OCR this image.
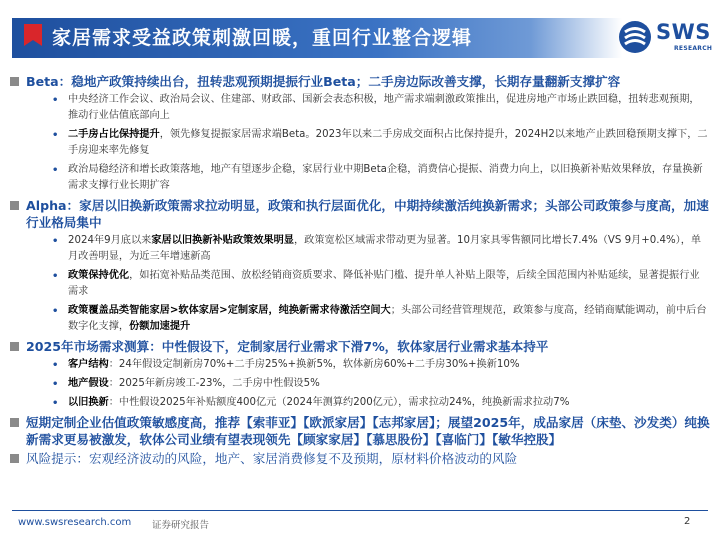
家居需求受益政策刺激回暖，重回行业整合逻辑	SWS
RESEARCH
Beta：稳地产政策持续出台，扭转悲观预期提振行业Beta；二手房边际改善支撑，长期存量翻新支撑扩容
• 中央经济工作会议、政治局会议、住建部、财政部、国新会表态积极，地产需求端刺激政策推出，促进房地产市场止跌回稳，扭转悲观预期，推动行业估值底部向上
• 二手房占比保持提升，领先修复提振家居需求端Beta。2023年以来二手房成交面积占比保持提升，2024H2以来地产止跌回稳预期支撑下，二手房迎来率先修复
• 政治局稳经济和增长政策落地，地产有望逐步企稳，家居行业中期Beta企稳，消费信心提振、消费力向上，以旧换新补贴效果释放，存量换新需求支撑行业长期扩容
Alpha：家居以旧换新政策需求拉动明显，政策和执行层面优化，中期持续激活纯换新需求；头部公司政策参与度高，加速行业格局集中
• 2024年9月底以来家居以旧换新补贴政策效果明显，政策宽松区域需求带动更为显著。10月家具零售额同比增长7.4%（VS 9月+0.4%），单月改善明显，为近三年增速新高
• 政策保持优化，如拓宽补贴品类范围、放松经销商资质要求、降低补贴门槛、提升单人补贴上限等，后续全国范围内补贴延续，显著提振行业需求
• 政策覆盖品类智能家居>软体家居>定制家居，纯换新需求待激活空间大；头部公司经营管理规范，政策参与度高，经销商赋能调动，前中后台数字化支撑，份额加速提升
2025年市场需求测算：中性假设下，定制家居行业需求下滑7%，软体家居行业需求基本持平
• 客户结构：24年假设定制新房70%+二手房25%+换新5%，软体新房60%+二手房30%+换新10%
• 地产假设：2025年新房竣工-23%，二手房中性假设5%
• 以旧换新：中性假设2025年补贴额度400亿元（2024年测算约200亿元），需求拉动24%，纯换新需求拉动7%
短期定制企业估值政策敏感度高，推荐【索菲亚】【欧派家居】【志邦家居】；展望2025年，成品家居（床垫、沙发类）纯换新需求更易被激发，软体公司业绩有望表现领先【顾家家居】【慕思股份】【喜临门】【敏华控股】
风险提示：宏观经济波动的风险，地产、家居消费修复不及预期，原材料价格波动的风险
www.swsresearch.com 证券研究报告	2
